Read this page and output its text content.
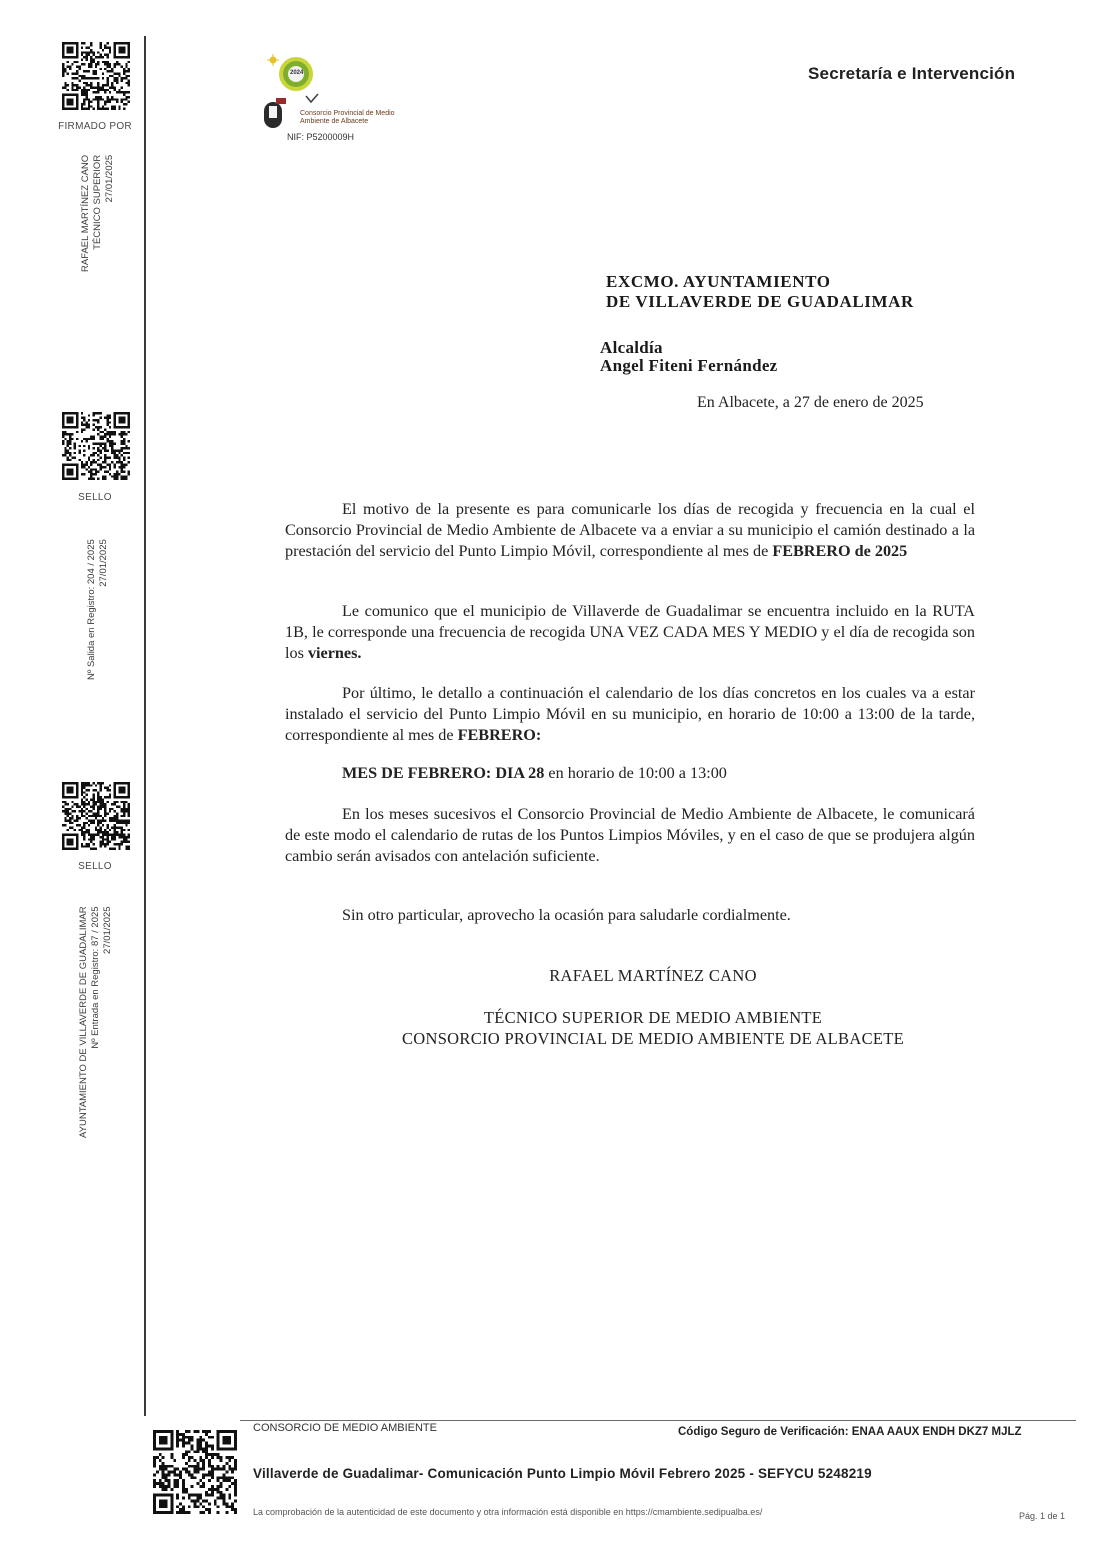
FIRMADO POR
RAFAEL MARTÍNEZ CANO TÉCNICO SUPERIOR 27/01/2025
SELLO
Nº Salida en Registro: 204 / 2025 27/01/2025
SELLO
AYUNTAMIENTO DE VILLAVERDE DE GUADALIMAR Nº Entrada en Registro: 87 / 2025 27/01/2025
2024
Consorcio Provincial de Medio Ambiente de Albacete
NIF: P5200009H
Secretaría e Intervención
EXCMO. AYUNTAMIENTO
DE VILLAVERDE DE GUADALIMAR
Alcaldía
Angel Fiteni Fernández
En Albacete, a 27 de enero de 2025
El motivo de la presente es para comunicarle los días de recogida y frecuencia en la cual el Consorcio Provincial de Medio Ambiente de Albacete va a enviar a su municipio el camión destinado a la prestación del servicio del Punto Limpio Móvil, correspondiente al mes de FEBRERO de 2025
Le comunico que el municipio de Villaverde de Guadalimar se encuentra incluido en la RUTA 1B, le corresponde una frecuencia de recogida UNA VEZ CADA MES Y MEDIO y el día de recogida son los viernes.
Por último, le detallo a continuación el calendario de los días concretos en los cuales va a estar instalado el servicio del Punto Limpio Móvil en su municipio, en horario de 10:00 a 13:00 de la tarde, correspondiente al mes de FEBRERO:
MES DE FEBRERO: DIA 28 en horario de 10:00 a 13:00
En los meses sucesivos el Consorcio Provincial de Medio Ambiente de Albacete, le comunicará de este modo el calendario de rutas de los Puntos Limpios Móviles, y en el caso de que se produjera algún cambio serán avisados con antelación suficiente.
Sin otro particular, aprovecho la ocasión para saludarle cordialmente.
RAFAEL MARTÍNEZ CANO
TÉCNICO SUPERIOR DE MEDIO AMBIENTE
CONSORCIO PROVINCIAL DE MEDIO AMBIENTE DE ALBACETE
CONSORCIO DE MEDIO AMBIENTE	Código Seguro de Verificación: ENAA AAUX ENDH DKZ7 MJLZ
Villaverde de Guadalimar- Comunicación Punto Limpio Móvil Febrero 2025 - SEFYCU 5248219
La comprobación de la autenticidad de este documento y otra información está disponible en https://cmambiente.sedipualba.es/	Pág. 1 de 1
